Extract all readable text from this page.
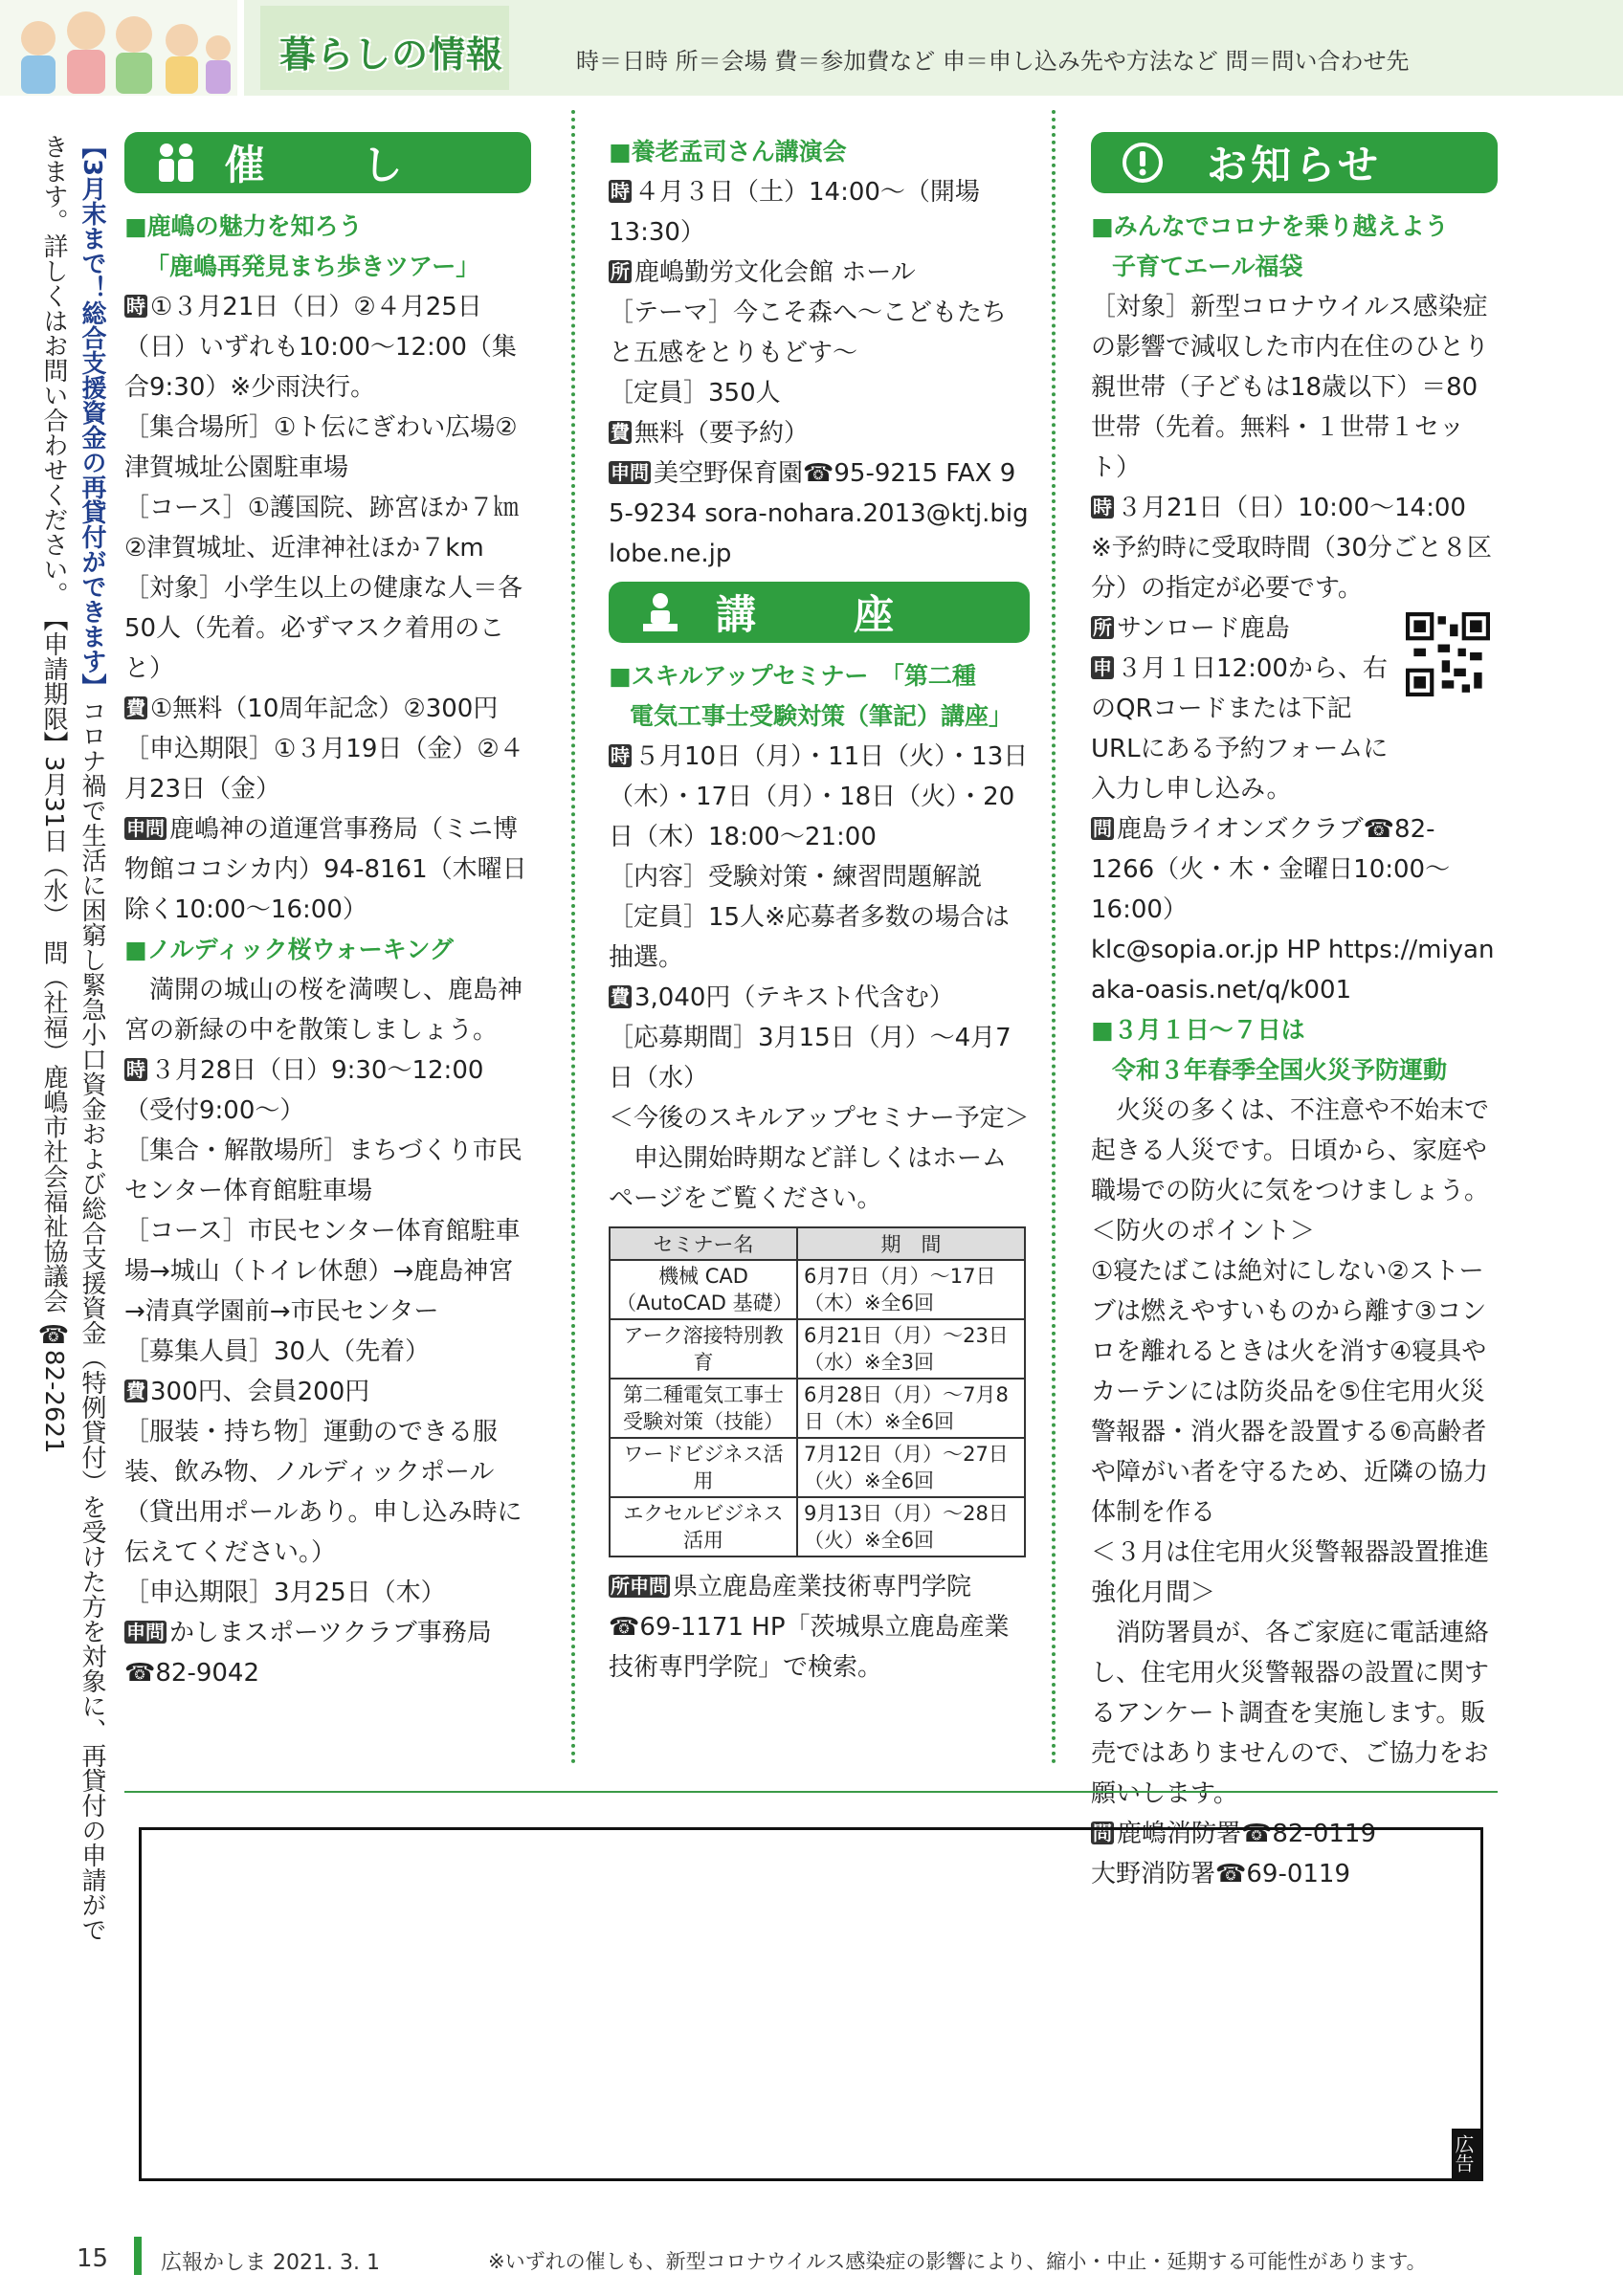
暮らしの情報	時＝日時 所＝会場 費＝参加費など 申＝申し込み先や方法など 問＝問い合わせ先
【3月末まで！総合支援資金の再貸付ができます】コロナ禍で生活に困窮し緊急小口資金および総合支援資金（特例貸付）を受けた方を対象に、再貸付の申請ができます。詳しくはお問い合わせください。　【申請期限】3月31日（水）　問（社福）鹿嶋市社会福祉協議会 ☎82-2621
催　し
■鹿嶋の魅力を知ろう
「鹿嶋再発見まち歩きツアー」

時 ①３月21日（日）②４月25日（日）いずれも10:00～12:00（集合9:30）※少雨決行。

［集合場所］①ト伝にぎわい広場②津賀城址公園駐車場

［コース］①護国院、跡宮ほか７㎞②津賀城址、近津神社ほか７km

［対象］小学生以上の健康な人＝各50人（先着。必ずマスク着用のこと）

費 ①無料（10周年記念）②300円

［申込期限］①３月19日（金）②４月23日（金）

申問 鹿嶋神の道運営事務局（ミニ博物館ココシカ内）94-8161（木曜日除く10:00～16:00）

■ノルディック桜ウォーキング

満開の城山の桜を満喫し、鹿島神宮の新緑の中を散策しましょう。

時 ３月28日（日）9:30～12:00（受付9:00～）

［集合・解散場所］まちづくり市民センター体育館駐車場

［コース］市民センター体育館駐車場→城山（トイレ休憩）→鹿島神宮→清真学園前→市民センター

［募集人員］30人（先着）

費 300円、会員200円

［服装・持ち物］運動のできる服装、飲み物、ノルディックポール（貸出用ポールあり。申し込み時に伝えてください。）

［申込期限］3月25日（木）

申問 かしまスポーツクラブ事務局

☎82-9042

■養老孟司さん講演会

時 ４月３日（土）14:00～（開場13:30）

所 鹿嶋勤労文化会館 ホール

［テーマ］今こそ森へ～こどもたちと五感をとりもどす～

［定員］350人

費 無料（要予約）

申問 美空野保育園☎95-9215 FAX 95-9234 sora-nohara.2013@ktj.biglobe.ne.jp

講　座
■スキルアップセミナー　「第二種
電気工事士受験対策（筆記）講座」

時 ５月10日（月）・11日（火）・13日（木）・17日（月）・18日（火）・20日（木）18:00～21:00

［内容］受験対策・練習問題解説

［定員］15人※応募者多数の場合は抽選。

費 3,040円（テキスト代含む）

［応募期間］3月15日（月）～4月7日（水）

＜今後のスキルアップセミナー予定＞

申込開始時期など詳しくはホームページをご覧ください。

セミナー名	期　間
機械 CAD（AutoCAD 基礎）	6月7日（月）～17日（木）※全6回
アーク溶接特別教育	6月21日（月）～23日（水）※全3回
第二種電気工事士受験対策（技能）	6月28日（月）～7月8日（木）※全6回
ワードビジネス活用	7月12日（月）～27日（火）※全6回
エクセルビジネス活用	9月13日（月）～28日（火）※全6回

所申問 県立鹿島産業技術専門学院

☎69-1171 HP「茨城県立鹿島産業技術専門学院」で検索。

お知らせ
■みんなでコロナを乗り越えよう
子育てエール福袋

［対象］新型コロナウイルス感染症の影響で減収した市内在住のひとり親世帯（子どもは18歳以下）＝80世帯（先着。無料・１世帯１セット）

時 ３月21日（日）10:00～14:00

※予約時に受取時間（30分ごと８区分）の指定が必要です。

所 サンロード鹿島

申 ３月１日12:00から、右のQRコードまたは下記URLにある予約フォームに入力し申し込み。

問 鹿島ライオンズクラブ☎82-1266（火・木・金曜日10:00～16:00）

klc@sopia.or.jp HP https://miyanaka-oasis.net/q/k001

■３月１日～７日は
令和３年春季全国火災予防運動

火災の多くは、不注意や不始末で起きる人災です。日頃から、家庭や職場での防火に気をつけましょう。

＜防火のポイント＞

①寝たばこは絶対にしない②ストーブは燃えやすいものから離す③コンロを離れるときは火を消す④寝具やカーテンには防炎品を⑤住宅用火災警報器・消火器を設置する⑥高齢者や障がい者を守るため、近隣の協力体制を作る

＜３月は住宅用火災警報器設置推進強化月間＞

消防署員が、各ご家庭に電話連絡し、住宅用火災警報器の設置に関するアンケート調査を実施します。販売ではありませんので、ご協力をお願いします。

問 鹿嶋消防署☎82-0119

大野消防署☎69-0119

広告
15 広報かしま 2021. 3. 1	※いずれの催しも、新型コロナウイルス感染症の影響により、縮小・中止・延期する可能性があります。
